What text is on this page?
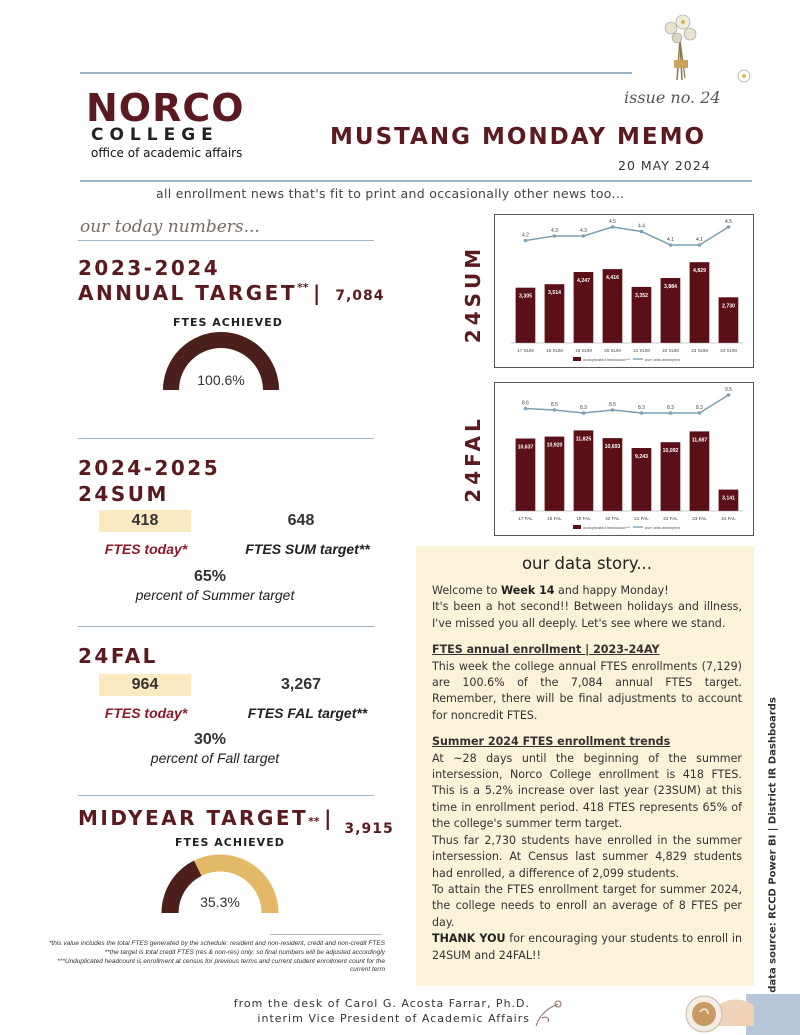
NORCO
COLLEGE
office of academic affairs
issue no. 24
MUSTANG MONDAY MEMO
20 MAY 2024
all enrollment news that's fit to print and occasionally other news too...
our today numbers...
2023-2024
ANNUAL TARGET** | 7,084
FTES ACHIEVED
100.6%
2024-2025
24SUM
418	648
FTES today*	FTES SUM target**
65%
percent of Summer target
24FAL
964	3,267
FTES today*	FTES FAL target**
30%
percent of Fall target
MIDYEAR TARGET** | 3,915
FTES ACHIEVED
35.3%
*this value includes the total FTES generated by the schedule: resident and non-resident, credit and non-credit FTES
**the target is total credit FTES (res & non-res) only; so final numbers will be adjusted accordingly
***Unduplicated headcount is enrollment at census for previous terms and current student enrollment count for the current term
24SUM	3,305
17 SUM
3,514
18 SUM
4,247
19 SUM
4,416
20 SUM
3,352
21 SUM
3,884
22 SUM
4,829
23 SUM
2,730
24 SUM
4.2
4.3	4.3
4.5
4.4
4.1	4.1
4.5
unduplicated headcount***	ave units attempted
24FAL	10,637
17 FAL
10,920
18 FAL
11,825
19 FAL
10,693
20 FAL
9,243
21 FAL
10,092
22 FAL
11,687
23 FAL
3,141
24 FAL
8.6	8.5	8.3	8.5	8.3	8.3	8.3
9.5
unduplicated headcount***	ave units attempted
our data story...

Welcome to Week 14 and happy Monday!

It's been a hot second!! Between holidays and illness, I've missed you all deeply. Let's see where we stand.

FTES annual enrollment | 2023-24AY

This week the college annual FTES enrollments (7,129) are 100.6% of the 7,084 annual FTES target. Remember, there will be final adjustments to account for noncredit FTES.

Summer 2024 FTES enrollment trends

At ~28 days until the beginning of the summer intersession, Norco College enrollment is 418 FTES. This is a 5.2% increase over last year (23SUM) at this time in enrollment period. 418 FTES represents 65% of the college's summer term target.

Thus far 2,730 students have enrolled in the summer intersession. At Census last summer 4,829 students had enrolled, a difference of 2,099 students.

To attain the FTES enrollment target for summer 2024, the college needs to enroll an average of 8 FTES per day.

THANK YOU for encouraging your students to enroll in 24SUM and 24FAL!!	data source: RCCD Power BI | District IR Dashboards
from the desk of Carol G. Acosta Farrar, Ph.D.
interim Vice President of Academic Affairs
